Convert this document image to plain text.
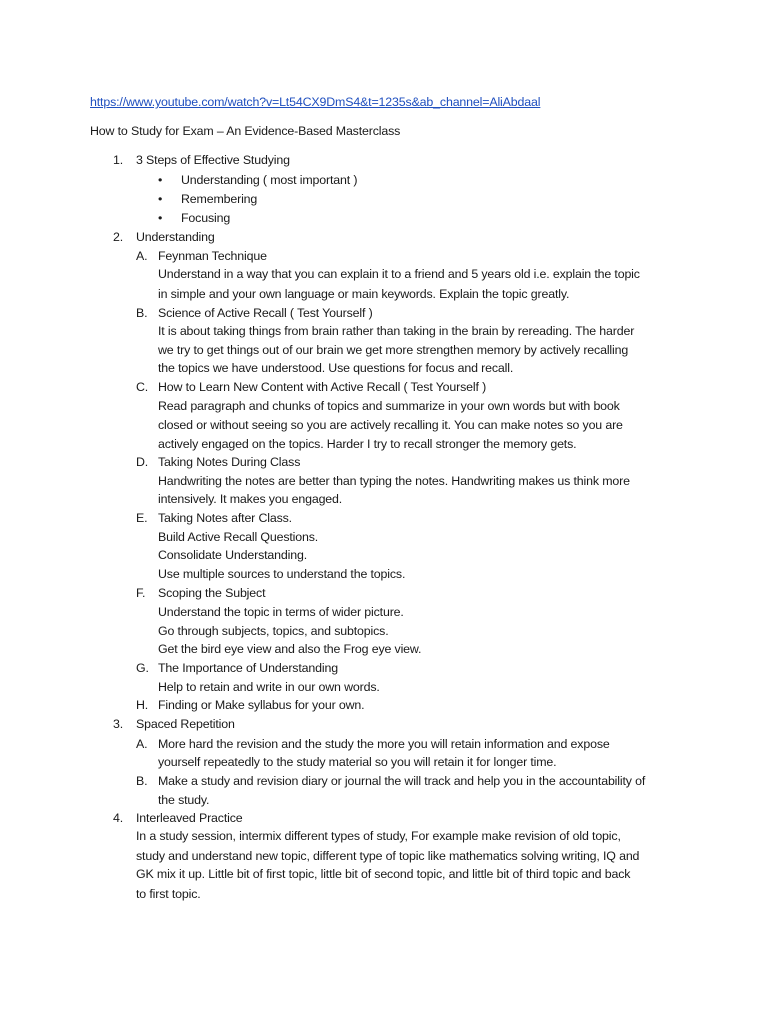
https://www.youtube.com/watch?v=Lt54CX9DmS4&t=1235s&ab_channel=AliAbdaal
How to Study for Exam – An Evidence-Based Masterclass
1. 3 Steps of Effective Studying
• Understanding ( most important )
• Remembering
• Focusing
2. Understanding
A. Feynman Technique
Understand in a way that you can explain it to a friend and 5 years old i.e. explain the topic
in simple and your own language or main keywords. Explain the topic greatly.
B. Science of Active Recall ( Test Yourself )
It is about taking things from brain rather than taking in the brain by rereading. The harder
we try to get things out of our brain we get more strengthen memory by actively recalling
the topics we have understood. Use questions for focus and recall.
C. How to Learn New Content with Active Recall ( Test Yourself )
Read paragraph and chunks of topics and summarize in your own words but with book
closed or without seeing so you are actively recalling it. You can make notes so you are
actively engaged on the topics. Harder I try to recall stronger the memory gets.
D. Taking Notes During Class
Handwriting the notes are better than typing the notes. Handwriting makes us think more
intensively. It makes you engaged.
E. Taking Notes after Class.
Build Active Recall Questions.
Consolidate Understanding.
Use multiple sources to understand the topics.
F. Scoping the Subject
Understand the topic in terms of wider picture.
Go through subjects, topics, and subtopics.
Get the bird eye view and also the Frog eye view.
G. The Importance of Understanding
Help to retain and write in our own words.
H. Finding or Make syllabus for your own.
3. Spaced Repetition
A. More hard the revision and the study the more you will retain information and expose
yourself repeatedly to the study material so you will retain it for longer time.
B. Make a study and revision diary or journal the will track and help you in the accountability of
the study.
4. Interleaved Practice
In a study session, intermix different types of study, For example make revision of old topic,
study and understand new topic, different type of topic like mathematics solving writing, IQ and
GK mix it up. Little bit of first topic, little bit of second topic, and little bit of third topic and back
to first topic.
